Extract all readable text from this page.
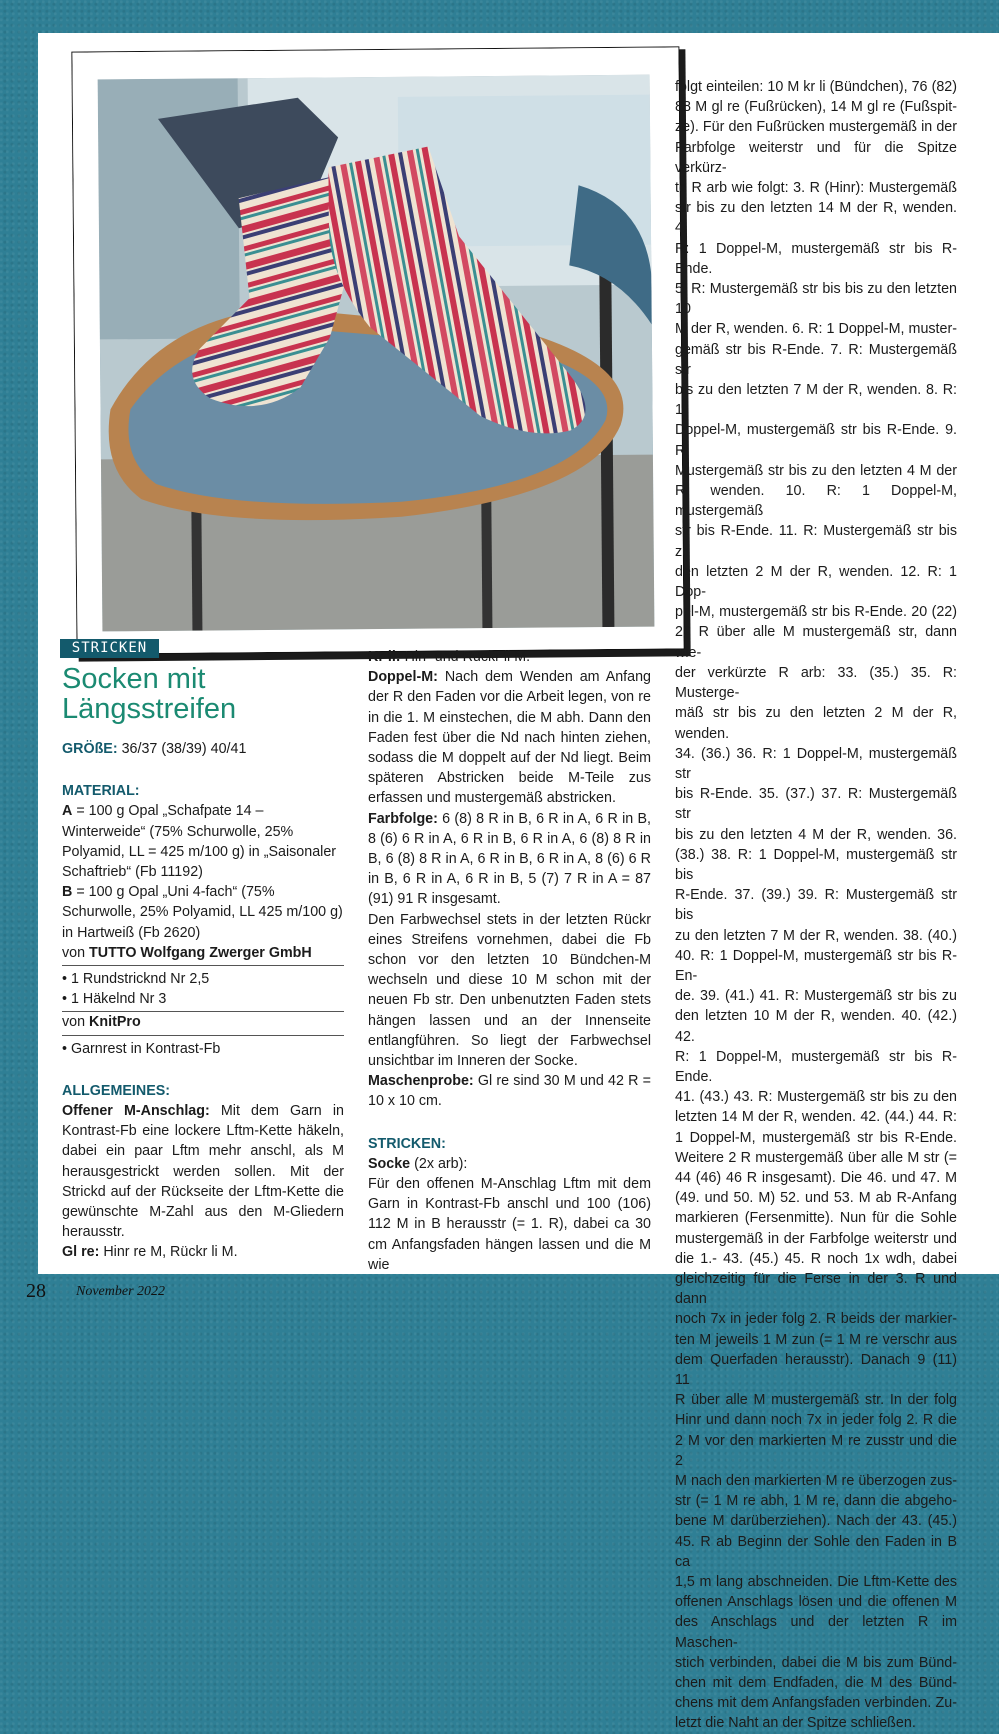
STRICKEN
Socken mit
Längsstreifen

GRÖßE: 36/37 (38/39) 40/41

MATERIAL:

A = 100 g Opal „Schafpate 14 – Winterweide“ (75% Schurwolle, 25% Polyamid, LL = 425 m/100 g) in „Saisonaler Schaftrieb“ (Fb 11192)

B = 100 g Opal „Uni 4-fach“ (75% Schurwolle, 25% Polyamid, LL 425 m/100 g) in Hartweiß (Fb 2620)

von TUTTO Wolfgang Zwerger GmbH

• 1 Rundstricknd Nr 2,5

• 1 Häkelnd Nr 3

von KnitPro

• Garnrest in Kontrast-Fb

ALLGEMEINES:

Offener M-Anschlag: Mit dem Garn in Kontrast-Fb eine lockere Lftm-Kette häkeln, dabei ein paar Lftm mehr anschl, als M herausgestrickt werden sollen. Mit der Strickd auf der Rückseite der Lftm-Kette die gewünschte M-Zahl aus den M-Gliedern herausstr.

Gl re: Hinr re M, Rückr li M.

Kr li: Hin- und Rückr li M.

Doppel-M: Nach dem Wenden am Anfang der R den Faden vor die Arbeit legen, von re in die 1. M einstechen, die M abh. Dann den Faden fest über die Nd nach hinten ziehen, sodass die M doppelt auf der Nd liegt. Beim späteren Abstricken beide M-Teile zus erfassen und mustergemäß abstricken.

Farbfolge: 6 (8) 8 R in B, 6 R in A, 6 R in B, 8 (6) 6 R in A, 6 R in B, 6 R in A, 6 (8) 8 R in B, 6 (8) 8 R in A, 6 R in B, 6 R in A, 8 (6) 6 R in B, 6 R in A, 6 R in B, 5 (7) 7 R in A = 87 (91) 91 R insgesamt.

Den Farbwechsel stets in der letzten Rückr eines Streifens vornehmen, dabei die Fb schon vor den letzten 10 Bündchen-M wechseln und diese 10 M schon mit der neuen Fb str. Den unbenutzten Faden stets hängen lassen und an der Innenseite entlangführen. So liegt der Farbwechsel unsichtbar im Inneren der Socke.

Maschenprobe: Gl re sind 30 M und 42 R = 10 x 10 cm.

STRICKEN:

Socke (2x arb):

Für den offenen M-Anschlag Lftm mit dem Garn in Kontrast-Fb anschl und 100 (106) 112 M in B herausstr (= 1. R), dabei ca 30 cm Anfangsfaden hängen lassen und die M wie

folgt einteilen: 10 M kr li (Bündchen), 76 (82)
88 M gl re (Fußrücken), 14 M gl re (Fußspit-
ze). Für den Fußrücken mustergemäß in der
Farbfolge weiterstr und für die Spitze verkürz-
te R arb wie folgt: 3. R (Hinr): Mustergemäß
str bis zu den letzten 14 M der R, wenden. 4.
R: 1 Doppel-M, mustergemäß str bis R-Ende.
5. R: Mustergemäß str bis bis zu den letzten 10
M der R, wenden. 6. R: 1 Doppel-M, muster-
gemäß str bis R-Ende. 7. R: Mustergemäß str
bis zu den letzten 7 M der R, wenden. 8. R: 1
Doppel-M, mustergemäß str bis R-Ende. 9. R:
Mustergemäß str bis zu den letzten 4 M der
R, wenden. 10. R: 1 Doppel-M, mustergemäß
str bis R-Ende. 11. R: Mustergemäß str bis zu
den letzten 2 M der R, wenden. 12. R: 1 Dop-
pel-M, mustergemäß str bis R-Ende. 20 (22)
22 R über alle M mustergemäß str, dann wie-
der verkürzte R arb: 33. (35.) 35. R: Musterge-
mäß str bis zu den letzten 2 M der R, wenden.
34. (36.) 36. R: 1 Doppel-M, mustergemäß str
bis R-Ende. 35. (37.) 37. R: Mustergemäß str
bis zu den letzten 4 M der R, wenden. 36.
(38.) 38. R: 1 Doppel-M, mustergemäß str bis
R-Ende. 37. (39.) 39. R: Mustergemäß str bis
zu den letzten 7 M der R, wenden. 38. (40.)
40. R: 1 Doppel-M, mustergemäß str bis R-En-
de. 39. (41.) 41. R: Mustergemäß str bis zu
den letzten 10 M der R, wenden. 40. (42.) 42.
R: 1 Doppel-M, mustergemäß str bis R-Ende.
41. (43.) 43. R: Mustergemäß str bis zu den
letzten 14 M der R, wenden. 42. (44.) 44. R:
1 Doppel-M, mustergemäß str bis R-Ende.
Weitere 2 R mustergemäß über alle M str (=
44 (46) 46 R insgesamt). Die 46. und 47. M
(49. und 50. M) 52. und 53. M ab R-Anfang
markieren (Fersenmitte). Nun für die Sohle
mustergemäß in der Farbfolge weiterstr und
die 1.- 43. (45.) 45. R noch 1x wdh, dabei
gleichzeitig für die Ferse in der 3. R und dann
noch 7x in jeder folg 2. R beids der markier-
ten M jeweils 1 M zun (= 1 M re verschr aus
dem Querfaden herausstr). Danach 9 (11) 11
R über alle M mustergemäß str. In der folg
Hinr und dann noch 7x in jeder folg 2. R die
2 M vor den markierten M re zusstr und die 2
M nach den markierten M re überzogen zus-
str (= 1 M re abh, 1 M re, dann die abgeho-
bene M darüberziehen). Nach der 43. (45.)
45. R ab Beginn der Sohle den Faden in B ca
1,5 m lang abschneiden. Die Lftm-Kette des
offenen Anschlags lösen und die offenen M
des Anschlags und der letzten R im Maschen-
stich verbinden, dabei die M bis zum Bünd-
chen mit dem Endfaden, die M des Bünd-
chens mit dem Anfangsfaden verbinden. Zu-
letzt die Naht an der Spitze schließen.
28 November 2022
